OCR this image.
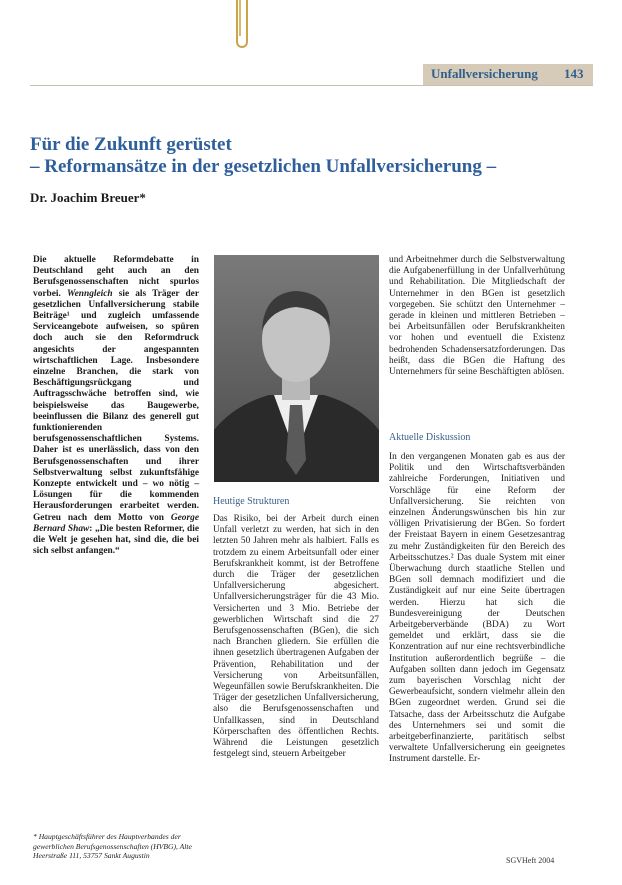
Unfallversicherung 143
Für die Zukunft gerüstet
– Reformansätze in der gesetzlichen Unfallversicherung –
Dr. Joachim Breuer*
Die aktuelle Reformdebatte in Deutschland geht auch an den Berufsgenossenschaften nicht spurlos vorbei. Wenngleich sie als Träger der gesetzlichen Unfallversicherung stabile Beiträge¹ und zugleich umfassende Serviceangebote aufweisen, so spüren doch auch sie den Reformdruck angesichts der angespannten wirtschaftlichen Lage. Insbesondere einzelne Branchen, die stark von Beschäftigungsrückgang und Auftragsschwäche betroffen sind, wie beispielsweise das Baugewerbe, beeinflussen die Bilanz des generell gut funktionierenden berufsgenossenschaftlichen Systems. Daher ist es unerlässlich, dass von den Berufsgenossenschaften und ihrer Selbstverwaltung selbst zukunftsfähige Konzepte entwickelt und – wo nötig – Lösungen für die kommenden Herausforderungen erarbeitet werden. Getreu nach dem Motto von George Bernard Shaw: „Die besten Reformer, die die Welt je gesehen hat, sind die, die bei sich selbst anfangen.“
Heutige Strukturen
Das Risiko, bei der Arbeit durch einen Unfall verletzt zu werden, hat sich in den letzten 50 Jahren mehr als halbiert. Falls es trotzdem zu einem Arbeitsunfall oder einer Berufskrankheit kommt, ist der Betroffene durch die Träger der gesetzlichen Unfallversicherung abgesichert. Unfallversicherungsträger für die 43 Mio. Versicherten und 3 Mio. Betriebe der gewerblichen Wirtschaft sind die 27 Berufsgenossenschaften (BGen), die sich nach Branchen gliedern. Sie erfüllen die ihnen gesetzlich übertragenen Aufgaben der Prävention, Rehabilitation und der Versicherung von Arbeitsunfällen, Wegeunfällen sowie Berufskrankheiten. Die Träger der gesetzlichen Unfallversicherung, also die Berufsgenossenschaften und Unfallkassen, sind in Deutschland Körperschaften des öffentlichen Rechts. Während die Leistungen gesetzlich festgelegt sind, steuern Arbeitgeber
und Arbeitnehmer durch die Selbstverwaltung die Aufgabenerfüllung in der Unfallverhütung und Rehabilitation. Die Mitgliedschaft der Unternehmer in den BGen ist gesetzlich vorgegeben. Sie schützt den Unternehmer – gerade in kleinen und mittleren Betrieben – bei Arbeitsunfällen oder Berufskrankheiten vor hohen und eventuell die Existenz bedrohenden Schadensersatzforderungen. Das heißt, dass die BGen die Haftung des Unternehmers für seine Beschäftigten ablösen.
Aktuelle Diskussion
In den vergangenen Monaten gab es aus der Politik und den Wirtschaftsverbänden zahlreiche Forderungen, Initiativen und Vorschläge für eine Reform der Unfallversicherung. Sie reichten von einzelnen Änderungswünschen bis hin zur völligen Privatisierung der BGen. So fordert der Freistaat Bayern in einem Gesetzesantrag zu mehr Zuständigkeiten für den Bereich des Arbeitsschutzes.² Das duale System mit einer Überwachung durch staatliche Stellen und BGen soll demnach modifiziert und die Zuständigkeit auf nur eine Seite übertragen werden. Hierzu hat sich die Bundesvereinigung der Deutschen Arbeitgeberverbände (BDA) zu Wort gemeldet und erklärt, dass sie die Konzentration auf nur eine rechtsverbindliche Institution außerordentlich begrüße – die Aufgaben sollten dann jedoch im Gegensatz zum bayerischen Vorschlag nicht der Gewerbeaufsicht, sondern vielmehr allein den BGen zugeordnet werden. Grund sei die Tatsache, dass der Arbeitsschutz die Aufgabe des Unternehmers sei und somit die arbeitgeberfinanzierte, paritätisch selbst verwaltete Unfallversicherung ein geeignetes Instrument darstelle. Er-
* Hauptgeschäftsführer des Hauptverbandes der gewerblichen Berufsgenossenschaften (HVBG), Alte Heerstraße 111, 53757 Sankt Augustin
SGVHeft 2004
